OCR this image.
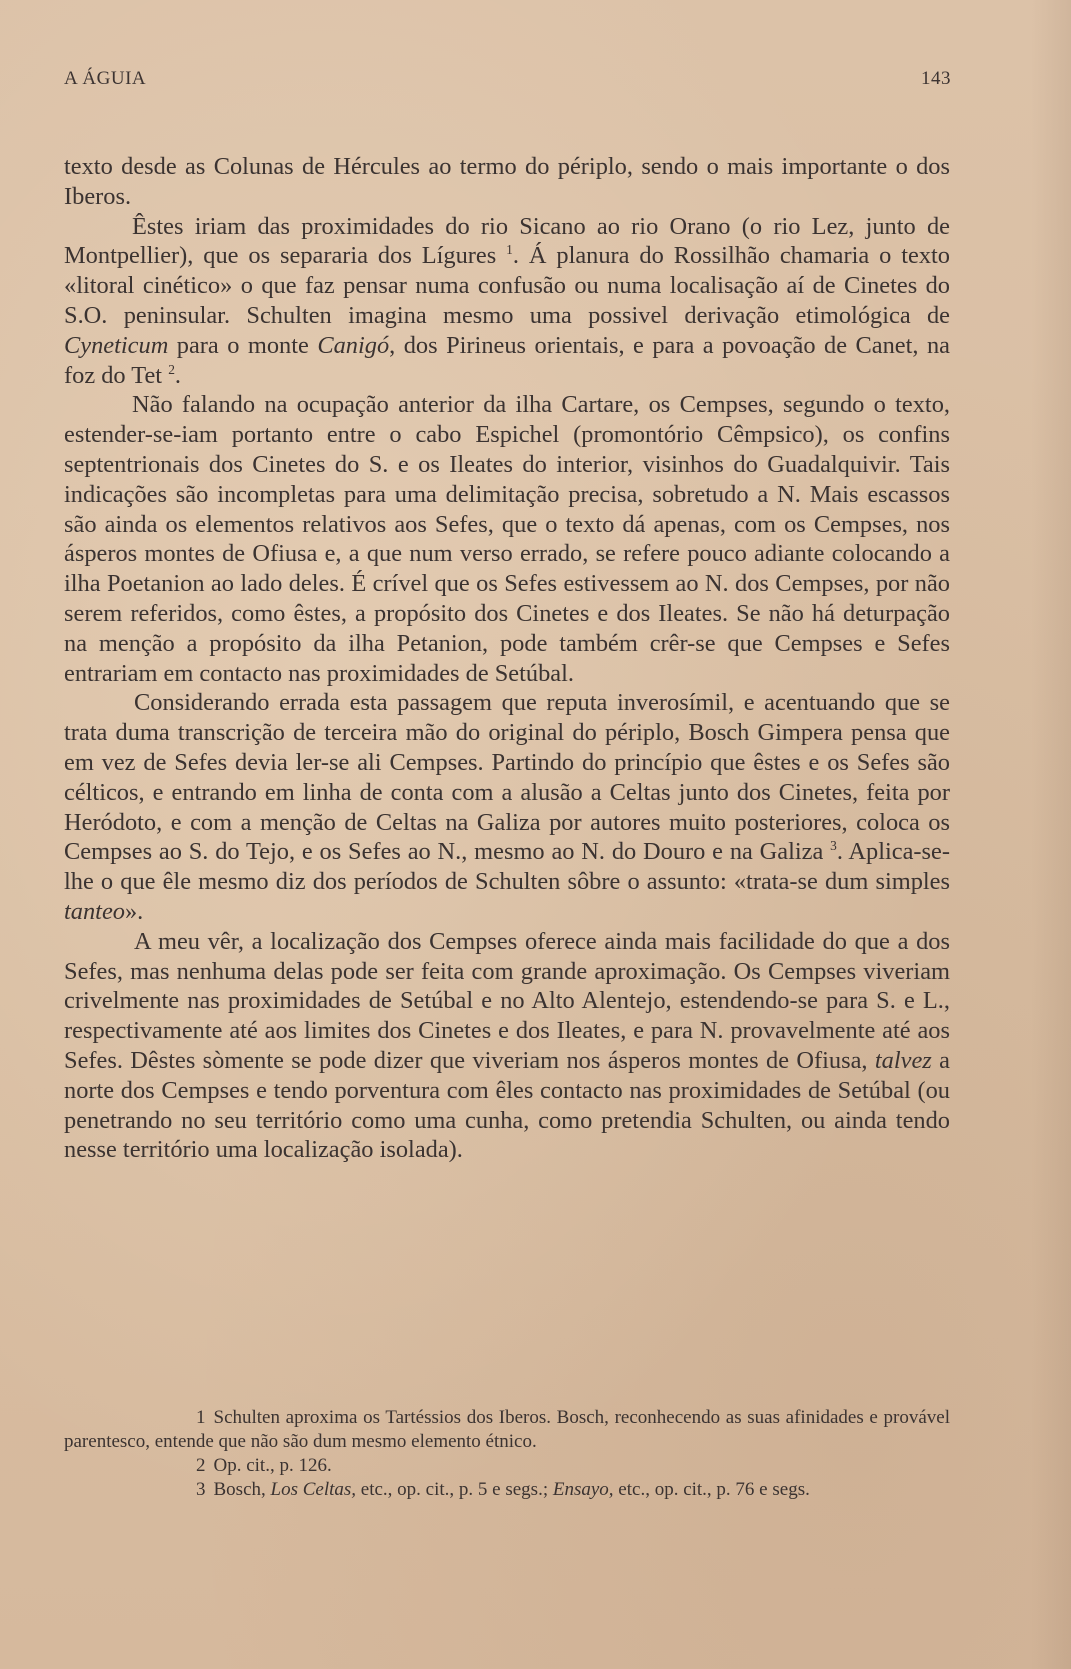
A ÁGUIA	143

texto desde as Colunas de Hércules ao termo do périplo, sendo o mais importante o dos Iberos.

Êstes iriam das proximidades do rio Sicano ao rio Orano (o rio Lez, junto de Montpellier), que os separaria dos Lígures $^1$. Á planura do Rossilhão chamaria o texto «litoral cinético» o que faz pensar numa confusão ou numa localisação aí de Cinetes do S.O. peninsular. Schulten imagina mesmo uma possivel derivação etimológica de Cyneticum para o monte Canigó, dos Pirineus orientais, e para a povoação de Canet, na foz do Tet $^2$.

Não falando na ocupação anterior da ilha Cartare, os Cempses, segundo o texto, estender-se-iam portanto entre o cabo Espichel (promontório Cêmpsico), os confins septentrionais dos Cinetes do S. e os Ileates do interior, visinhos do Guadalquivir. Tais indicações são incompletas para uma delimitação precisa, sobretudo a N. Mais escassos são ainda os elementos relativos aos Sefes, que o texto dá apenas, com os Cempses, nos ásperos montes de Ofiusa e, a que num verso errado, se refere pouco adiante colocando a ilha Poetanion ao lado deles. É crível que os Sefes estivessem ao N. dos Cempses, por não serem referidos, como êstes, a propósito dos Cinetes e dos Ileates. Se não há deturpação na menção a propósito da ilha Petanion, pode também crêr-se que Cempses e Sefes entrariam em contacto nas proximidades de Setúbal.

Considerando errada esta passagem que reputa inverosímil, e acentuando que se trata duma transcrição de terceira mão do original do périplo, Bosch Gimpera pensa que em vez de Sefes devia ler-se ali Cempses. Partindo do princípio que êstes e os Sefes são célticos, e entrando em linha de conta com a alusão a Celtas junto dos Cinetes, feita por Heródoto, e com a menção de Celtas na Galiza por autores muito posteriores, coloca os Cempses ao S. do Tejo, e os Sefes ao N., mesmo ao N. do Douro e na Galiza $^3$. Aplica-se-lhe o que êle mesmo diz dos períodos de Schulten sôbre o assunto: «trata-se dum simples tanteo».

A meu vêr, a localização dos Cempses oferece ainda mais facilidade do que a dos Sefes, mas nenhuma delas pode ser feita com grande aproximação. Os Cempses viveriam crivelmente nas proximidades de Setúbal e no Alto Alentejo, estendendo-se para S. e L., respectivamente até aos limites dos Cinetes e dos Ileates, e para N. provavelmente até aos Sefes. Dêstes sòmente se pode dizer que viveriam nos ásperos montes de Ofiusa, talvez a norte dos Cempses e tendo porventura com êles contacto nas proximidades de Setúbal (ou penetrando no seu território como uma cunha, como pretendia Schulten, ou ainda tendo nesse território uma localização isolada).

1 Schulten aproxima os Tartéssios dos Iberos. Bosch, reconhecendo as suas afinidades e provável parentesco, entende que não são dum mesmo elemento étnico.

2 Op. cit., p. 126.

3 Bosch, Los Celtas, etc., op. cit., p. 5 e segs.; Ensayo, etc., op. cit., p. 76 e segs.
